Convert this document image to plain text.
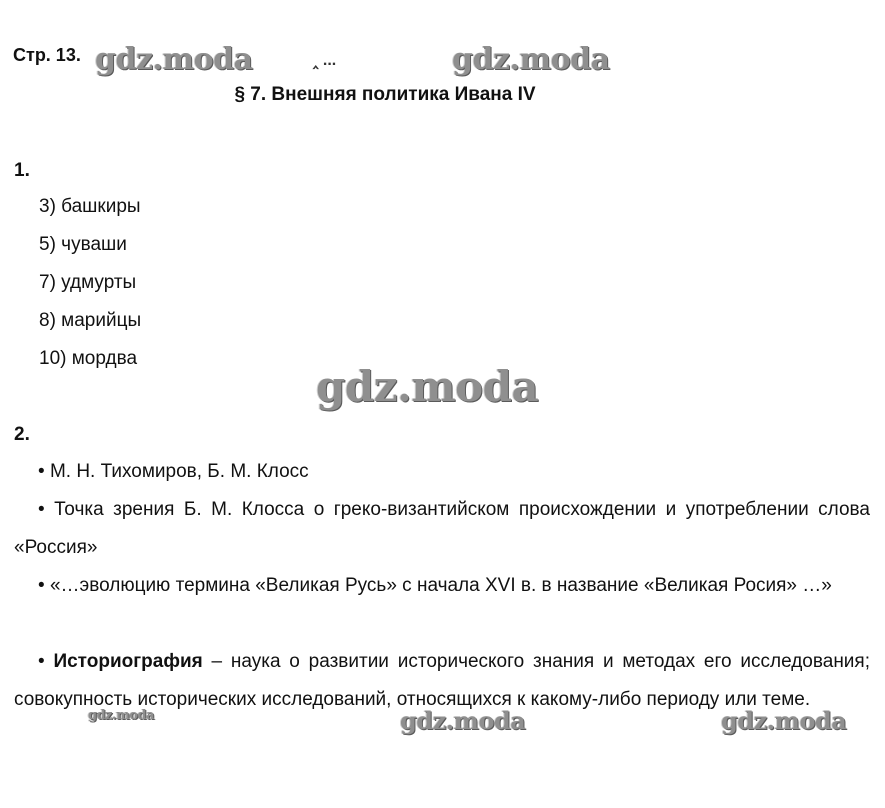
Стр. 13.	‸ ...
§ 7. Внешняя политика Ивана IV
1.
3) башкиры
5) чуваши
7) удмурты
8) марийцы
10) мордва
2.
• М. Н. Тихомиров, Б. М. Клосс
• Точка зрения Б. М. Клосса о греко-византийском происхождении и употреблении слова «Россия»
• «…эволюцию термина «Великая Русь» с начала XVI в. в название «Великая Росия» …»
• Историография – наука о развитии исторического знания и методах его исследования; совокупность исторических исследований, относящихся к какому-либо периоду или теме.
gdz.moda	gdz.moda
gdz.moda
gdz.moda	gdz.moda	gdz.moda
